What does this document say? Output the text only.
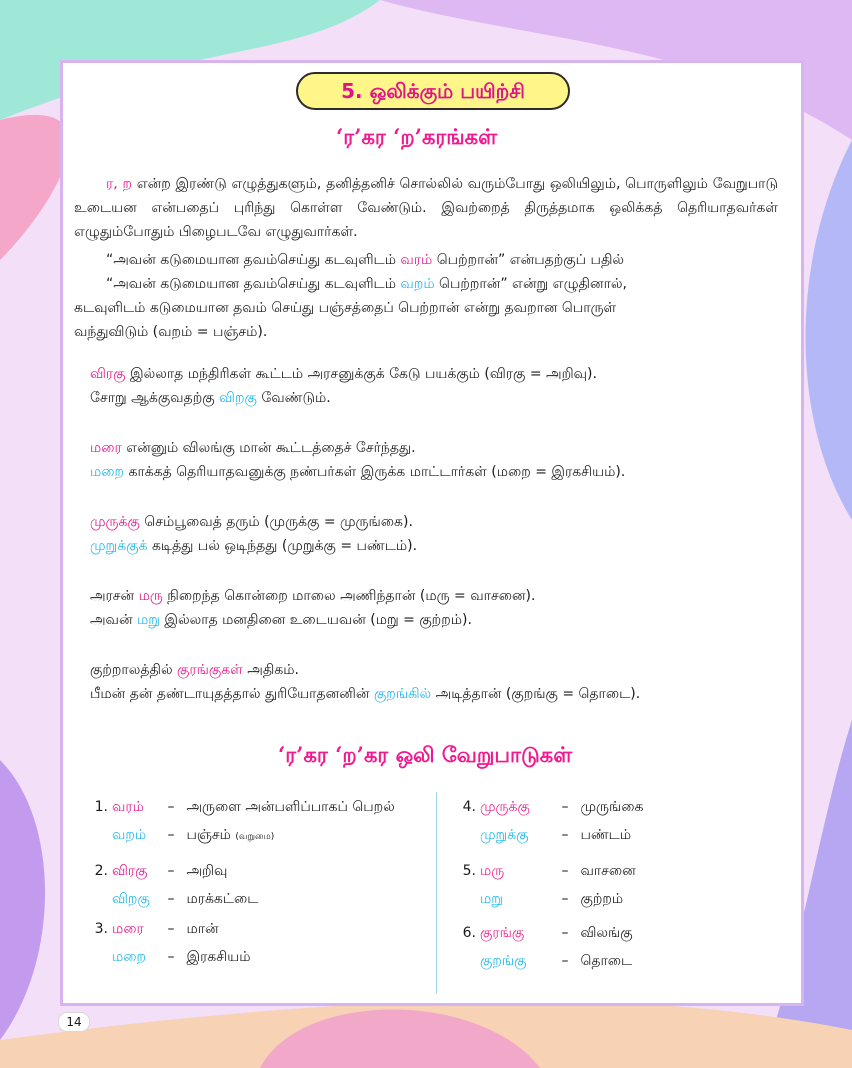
5. ஒலிக்கும் பயிற்சி
‘ர’கர ‘ற’கரங்கள்
ர, ற என்ற இரண்டு எழுத்துகளும், தனித்தனிச் சொல்லில் வரும்போது ஒலியிலும், பொருளிலும் வேறுபாடு உடையன என்பதைப் புரிந்து கொள்ள வேண்டும். இவற்றைத் திருத்தமாக ஒலிக்கத் தெரியாதவர்கள் எழுதும்போதும் பிழைபடவே எழுதுவார்கள்.
“அவன் கடுமையான தவம்செய்து கடவுளிடம் வரம் பெற்றான்” என்பதற்குப் பதில்
“அவன் கடுமையான தவம்செய்து கடவுளிடம் வறம் பெற்றான்” என்று எழுதினால்,
கடவுளிடம் கடுமையான தவம் செய்து பஞ்சத்தைப் பெற்றான் என்று தவறான பொருள்
வந்துவிடும் (வறம் = பஞ்சம்).
விரகு இல்லாத மந்திரிகள் கூட்டம் அரசனுக்குக் கேடு பயக்கும் (விரகு = அறிவு).
சோறு ஆக்குவதற்கு விறகு வேண்டும்.
மரை என்னும் விலங்கு மான் கூட்டத்தைச் சேர்ந்தது.
மறை காக்கத் தெரியாதவனுக்கு நண்பர்கள் இருக்க மாட்டார்கள் (மறை = இரகசியம்).
முருக்கு செம்பூவைத் தரும் (முருக்கு = முருங்கை).
முறுக்குக் கடித்து பல் ஒடிந்தது (முறுக்கு = பண்டம்).
அரசன் மரு நிறைந்த கொன்றை மாலை அணிந்தான் (மரு = வாசனை).
அவன் மறு இல்லாத மனதினை உடையவன் (மறு = குற்றம்).
குற்றாலத்தில் குரங்குகள் அதிகம்.
பீமன் தன் தண்டாயுதத்தால் துரியோதனனின் குறங்கில் அடித்தான் (குறங்கு = தொடை).
‘ர’கர ‘ற’கர ஒலி வேறுபாடுகள்
1. வரம் – அருளை அன்பளிப்பாகப் பெறல்
வறம் – பஞ்சம் (வறுமை)
2. விரகு – அறிவு
விறகு – மரக்கட்டை
3. மரை – மான்
மறை – இரகசியம்
4. முருக்கு – முருங்கை
முறுக்கு – பண்டம்
5. மரு	– வாசனை
மறு	– குற்றம்
6. குரங்கு	– விலங்கு
குறங்கு – தொடை
14
